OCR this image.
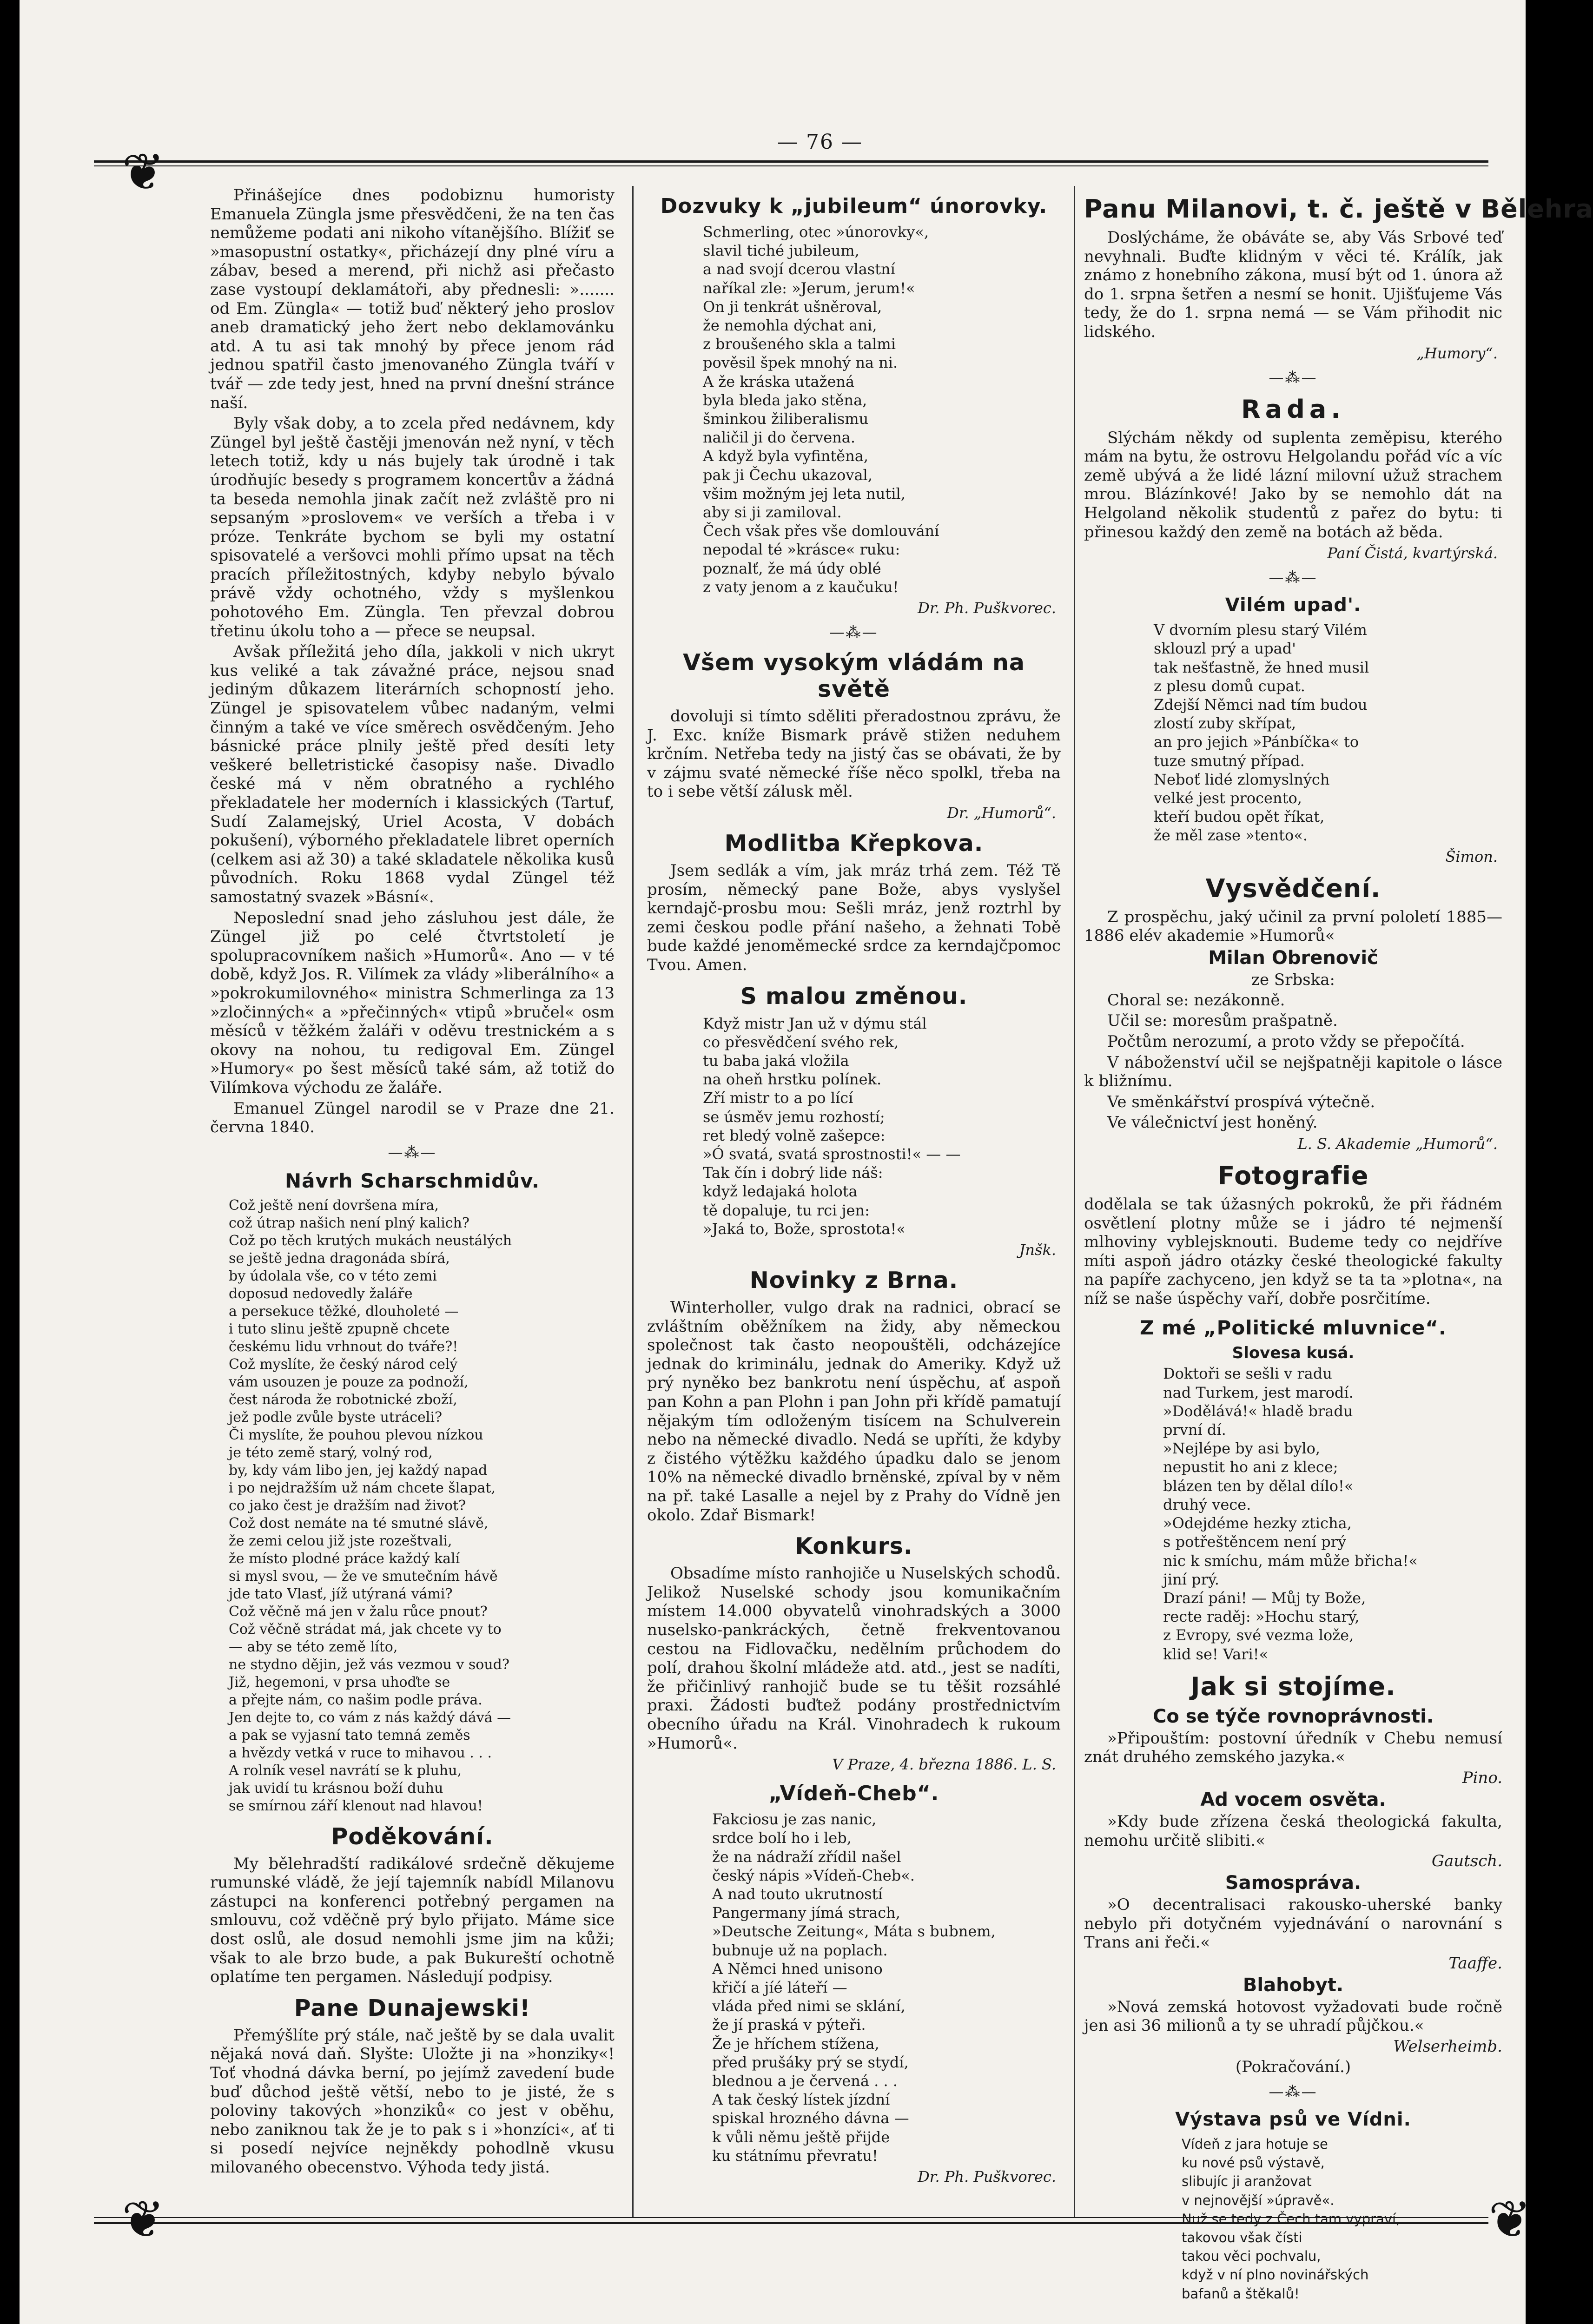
— 76 —
❦
❦	❦

Přinášejíce dnes podobiznu humoristy Emanuela Züngla jsme přesvědčeni, že na ten čas nemůžeme podati ani nikoho vítanějšího. Blížiť se »masopustní ostatky«, přicházejí dny plné víru a zábav, besed a merend, při nichž asi přečasto zase vystoupí deklamátoři, aby přednesli: »....... od Em. Züngla« — totiž buď některý jeho proslov aneb dramatický jeho žert nebo deklamovánku atd. A tu asi tak mnohý by přece jenom rád jednou spatřil často jmenovaného Züngla tváří v tvář — zde tedy jest, hned na první dnešní stránce naší.

Byly však doby, a to zcela před nedávnem, kdy Züngel byl ještě častěji jmenován než nyní, v těch letech totiž, kdy u nás bujely tak úrodně i tak úrodňujíc besedy s programem koncertův a žádná ta beseda nemohla jinak začít než zvláště pro ni sepsaným »proslovem« ve verších a třeba i v próze. Tenkráte bychom se byli my ostatní spisovatelé a veršovci mohli přímo upsat na těch pracích příležitostných, kdyby nebylo bývalo právě vždy ochotného, vždy s myšlenkou pohotového Em. Züngla. Ten převzal dobrou třetinu úkolu toho a — přece se neupsal.

Avšak příležitá jeho díla, jakkoli v nich ukryt kus veliké a tak závažné práce, nejsou snad jediným důkazem literárních schopností jeho. Züngel je spisovatelem vůbec nadaným, velmi činným a také ve více směrech osvědčeným. Jeho básnické práce plnily ještě před desíti lety veškeré belletristické časopisy naše. Divadlo české má v něm obratného a rychlého překladatele her moderních i klassických (Tartuf, Sudí Zalamejský, Uriel Acosta, V dobách pokušení), výborného překladatele libret operních (celkem asi až 30) a také skladatele několika kusů původních. Roku 1868 vydal Züngel též samostatný svazek »Básní«.

Neposlední snad jeho zásluhou jest dále, že Züngel již po celé čtvrtstoletí je spolupracovníkem našich »Humorů«. Ano — v té době, když Jos. R. Vilímek za vlády »liberálního« a »pokrokumilovného« ministra Schmerlinga za 13 »zločinných« a »přečinných« vtipů »bručel« osm měsíců v těžkém žaláři v oděvu trestnickém a s okovy na nohou, tu redigoval Em. Züngel »Humory« po šest měsíců také sám, až totiž do Vilímkova východu ze žaláře.

Emanuel Züngel narodil se v Praze dne 21. června 1840.

—⁂—
Návrh Scharschmidův.
Což ještě není dovršena míra,
což útrap našich není plný kalich?
Což po těch krutých mukách neustálých
se ještě jedna dragonáda sbírá,
by údolala vše, co v této zemi
doposud nedovedly žaláře
a persekuce těžké, dlouholeté —
i tuto slinu ještě zpupně chcete
českému lidu vrhnout do tváře?!
Což myslíte, že český národ celý
vám usouzen je pouze za podnoží,
čest národa že robotnické zboží,
jež podle zvůle byste utráceli?
Či myslíte, že pouhou plevou nízkou
je této země starý, volný rod,
by, kdy vám libo jen, jej každý napad
i po nejdražším už nám chcete šlapat,
co jako čest je dražším nad život?
Což dost nemáte na té smutné slávě,
že zemi celou již jste rozeštvali,
že místo plodné práce každý kalí
si mysl svou, — že ve smutečním hávě
jde tato Vlasť, jíž utýraná vámi?
Což věčně má jen v žalu růce pnout?
Což věčně strádat má, jak chcete vy to
— aby se této země líto,
ne stydno dějin, jež vás vezmou v soud?
Již, hegemoni, v prsa uhoďte se
a přejte nám, co našim podle práva.
Jen dejte to, co vám z nás každý dává —
a pak se vyjasní tato temná zeměs
a hvězdy vetká v ruce to mihavou . . .
A rolník vesel navrátí se k pluhu,
jak uvidí tu krásnou boží duhu
se smírnou září klenout nad hlavou!
Poděkování.

My bělehradští radikálové srdečně děkujeme rumunské vládě, že její tajemník nabídl Milanovu zástupci na konferenci potřebný pergamen na smlouvu, což vděčně prý bylo přijato. Máme sice dost oslů, ale dosud nemohli jsme jim na kůži; však to ale brzo bude, a pak Bukureští ochotně oplatíme ten pergamen. Následují podpisy.

Pane Dunajewski!

Přemýšlíte prý stále, nač ještě by se dala uvalit nějaká nová daň. Slyšte: Uložte ji na »honziky«! Toť vhodná dávka berní, po jejímž zavedení bude buď důchod ještě větší, nebo to je jisté, že s poloviny takových »honziků« co jest v oběhu, nebo zaniknou tak že je to pak s i »honzíci«, ať ti si posedí nejvíce nejněkdy pohodlně vkusu milovaného obecenstvo. Výhoda tedy jistá.

Dozvuky k „jubileum“ únorovky.
Schmerling, otec »únorovky«,
slavil tiché jubileum,
a nad svojí dcerou vlastní
naříkal zle: »Jerum, jerum!«
On ji tenkrát ušněroval,
že nemohla dýchat ani,
z broušeného skla a talmi
pověsil špek mnohý na ni.
A že kráska utažená
byla bleda jako stěna,
šminkou žiliberalismu
naličil ji do červena.
A když byla vyfintěna,
pak ji Čechu ukazoval,
všim možným jej leta nutil,
aby si ji zamiloval.
Čech však přes vše domlouvání
nepodal té »krásce« ruku:
poznalť, že má údy oblé
z vaty jenom a z kaučuku!
Dr. Ph. Puškvorec.
—⁂—
Všem vysokým vládám na světě

dovoluji si tímto sděliti přeradostnou zprávu, že J. Exc. kníže Bismark právě stižen neduhem krčním. Netřeba tedy na jistý čas se obávati, že by v zájmu svaté německé říše něco spolkl, třeba na to i sebe větší zálusk měl.

Dr. „Humorů“.
Modlitba Křepkova.

Jsem sedlák a vím, jak mráz trhá zem. Též Tě prosím, německý pane Bože, abys vyslyšel kerndajč-prosbu mou: Sešli mráz, jenž roztrhl by zemi českou podle přání našeho, a žehnati Tobě bude každé jenoměmecké srdce za kerndajčpomoc Tvou. Amen.

S malou změnou.
Když mistr Jan už v dýmu stál
co přesvědčení svého rek,
tu baba jaká vložila
na oheň hrstku polínek.
Zří mistr to a po lící
se úsměv jemu rozhostí;
ret bledý volně zašepce:
»Ó svatá, svatá sprostnosti!« — —
Tak čín i dobrý lide náš:
když ledajaká holota
tě dopaluje, tu rci jen:
»Jaká to, Bože, sprostota!«
Jnšk.
Novinky z Brna.

Winterholler, vulgo drak na radnici, obrací se zvláštním oběžníkem na židy, aby německou společnost tak často neopouštěli, odcházejíce jednak do kriminálu, jednak do Ameriky. Když už prý nyněko bez bankrotu není úspěchu, ať aspoň pan Kohn a pan Plohn i pan John při křídě pamatují nějakým tím odloženým tisícem na Schulverein nebo na německé divadlo. Nedá se upříti, že kdyby z čistého výtěžku každého úpadku dalo se jenom 10% na německé divadlo brněnské, zpíval by v něm na př. také Lasalle a nejel by z Prahy do Vídně jen okolo. Zdař Bismark!

Konkurs.

Obsadíme místo ranhojiče u Nuselských schodů. Jelikož Nuselské schody jsou komunikačním místem 14.000 obyvatelů vinohradských a 3000 nuselsko-pankráckých, četně frekventovanou cestou na Fidlovačku, nedělním průchodem do polí, drahou školní mládeže atd. atd., jest se nadíti, že přičinlivý ranhojič bude se tu těšit rozsáhlé praxi. Žádosti buďtež podány prostřednictvím obecního úřadu na Král. Vinohradech k rukoum »Humorů«.

V Praze, 4. března 1886. L. S.
„Vídeň-Cheb“.
Fakciosu je zas nanic,
srdce bolí ho i leb,
že na nádraží zřídil našel
český nápis »Vídeň-Cheb«.
A nad touto ukrutností
Pangermany jímá strach,
»Deutsche Zeitung«, Máta s bubnem,
bubnuje už na poplach.
A Němci hned unisono
křičí a jíé láteří —
vláda před nimi se sklání,
že jí praská v pýteři.
Že je hříchem stížena,
před prušáky prý se stydí,
blednou a je červená . . .
A tak český lístek jízdní
spiskal hrozného dávna —
k vůli němu ještě přijde
ku státnímu převratu!
Dr. Ph. Puškvorec.
Panu Milanovi, t. č. ještě v Bělehra

Doslýcháme, že obáváte se, aby Vás Srbové teď nevyhnali. Buďte klidným v věci té. Králík, jak známo z honebního zákona, musí být od 1. února až do 1. srpna šetřen a nesmí se honit. Ujišťujeme Vás tedy, že do 1. srpna nemá — se Vám přihodit nic lidského.

„Humory“.
—⁂—
Rada.

Slýchám někdy od suplenta zeměpisu, kterého mám na bytu, že ostrovu Helgolandu pořád víc a víc země ubývá a že lidé lázní milovní užuž strachem mrou. Blázínkové! Jako by se nemohlo dát na Helgoland několik studentů z pařez do bytu: ti přinesou každý den země na botách až běda.

Paní Čistá, kvartýrská.
—⁂—
Vilém upad'.
V dvorním plesu starý Vilém
sklouzl prý a upad'
tak nešťastně, že hned musil
z plesu domů cupat.
Zdejší Němci nad tím budou
zlostí zuby skřípat,
an pro jejich »Pánbíčka« to
tuze smutný případ.
Neboť lidé zlomyslných
velké jest procento,
kteří budou opět říkat,
že měl zase »tento«.
Šimon.
Vysvědčení.

Z prospěchu, jaký učinil za první pololetí 1885—1886 elév akademie »Humorů«

Milan Obrenovič
ze Srbska:

Choral se: nezákonně.

Učil se: moresům prašpatně.

Počtům nerozumí, a proto vždy se přepočítá.

V náboženství učil se nejšpatněji kapitole o lásce k bližnímu.

Ve směnkářství prospívá výtečně.

Ve válečnictví jest honěný.

L. S. Akademie „Humorů“.
Fotografie

dodělala se tak úžasných pokroků, že při řádném osvětlení plotny může se i jádro té nejmenší mlhoviny vyblejsknouti. Budeme tedy co nejdříve míti aspoň jádro otázky české theologické fakulty na papíře zachyceno, jen když se ta ta »plotna«, na níž se naše úspěchy vaří, dobře posrčitíme.

Z mé „Politické mluvnice“.
Slovesa kusá.
Doktoři se sešli v radu
nad Turkem, jest marodí.
»Dodělává!« hladě bradu
první dí.
»Nejlépe by asi bylo,
nepustit ho ani z klece;
blázen ten by dělal dílo!«
druhý vece.
»Odejdéme hezky zticha,
s potřeštěncem není prý
nic k smíchu, mám může břicha!«
jiní prý.
Drazí páni! — Můj ty Bože,
recte raděj: »Hochu starý,
z Evropy, své vezma lože,
klid se! Vari!«
Jak si stojíme.
Co se týče rovnoprávnosti.

»Připouštím: postovní úředník v Chebu nemusí znát druhého zemského jazyka.«

Pino.
Ad vocem osvěta.

»Kdy bude zřízena česká theologická fakulta, nemohu určitě slibiti.«

Gautsch.
Samospráva.

»O decentralisaci rakousko-uherské banky nebylo při dotyčném vyjednávání o narovnání s Trans ani řeči.«

Taaffe.
Blahobyt.

»Nová zemská hotovost vyžadovati bude ročně jen asi 36 milionů a ty se uhradí půjčkou.«

Welserheimb.
(Pokračování.)
—⁂—
Výstava psů ve Vídni.
Vídeň z jara hotuje se
ku nové psů výstavě,
slibujíc ji aranžovat
v nejnovější »úpravě«.
Nuž se tedy z Čech tam vypraví,
takovou však čísti
takou věci pochvalu,
když v ní plno novinářských
bafanů a štěkalů!
